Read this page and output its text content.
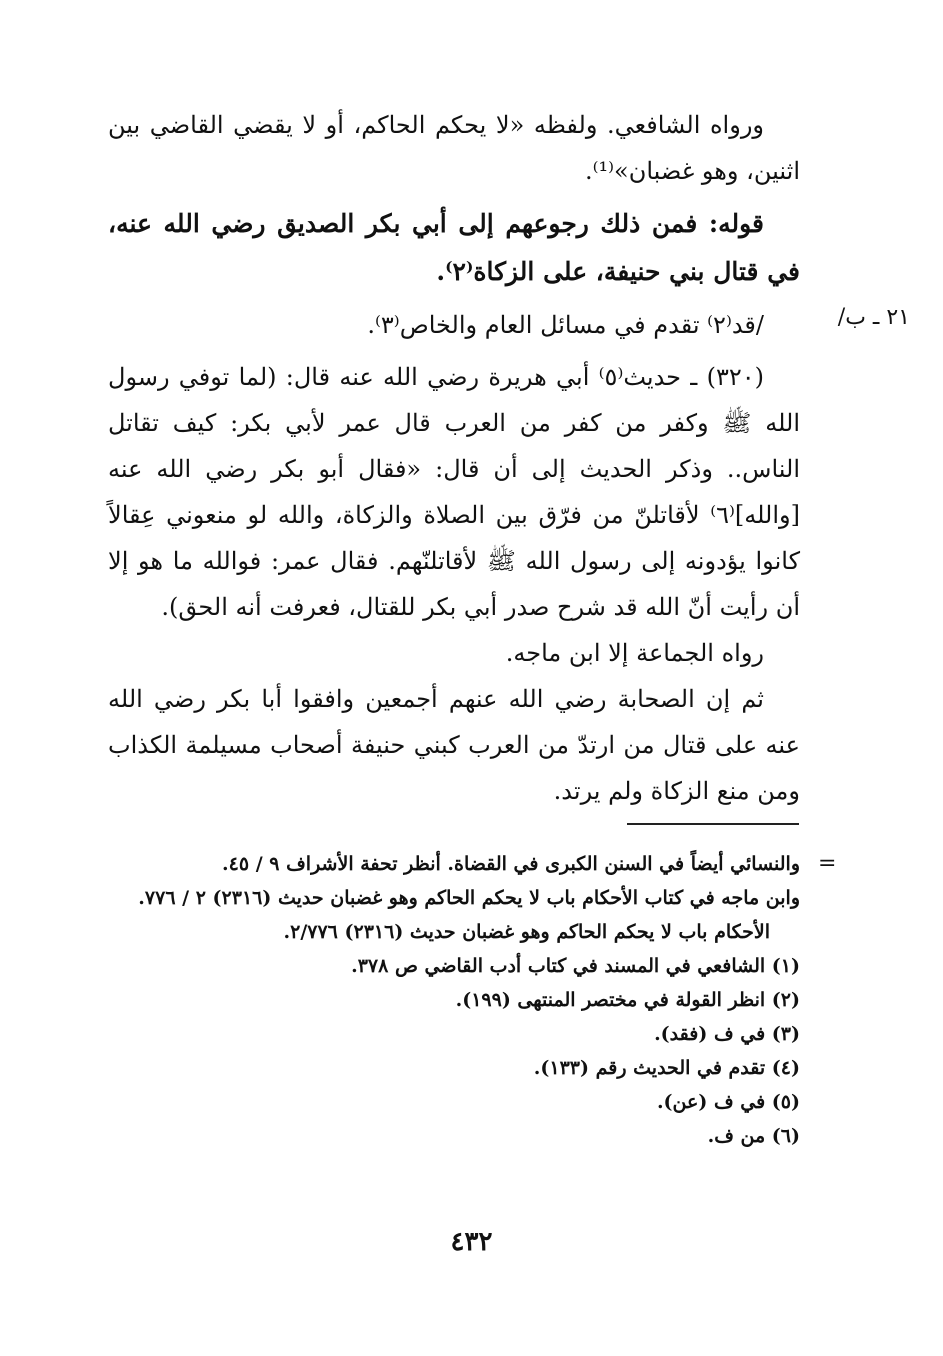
ورواه الشافعي. ولفظه «لا يحكم الحاكم، أو لا يقضي القاضي بين اثنين، وهو غضبان»⁽¹⁾.

قوله: فمن ذلك رجوعهم إلى أبي بكر الصديق رضي الله عنه، في قتال بني حنيفة، على الزكاة⁽٢⁾.

/قد⁽٢⁾ تقدم في مسائل العام والخاص⁽٣⁾.

(٣٢٠) ـ حديث⁽٥⁾ أبي هريرة رضي الله عنه قال: (لما توفي رسول الله ﷺ وكفر من كفر من العرب قال عمر لأبي بكر: كيف تقاتل الناس.. وذكر الحديث إلى أن قال: «فقال أبو بكر رضي الله عنه [والله]⁽٦⁾ لأقاتلنّ من فرّق بين الصلاة والزكاة، والله لو منعوني عِقالاً كانوا يؤدونه إلى رسول الله ﷺ لأقاتلنّهم. فقال عمر: فوالله ما هو إلا أن رأيت أنّ الله قد شرح صدر أبي بكر للقتال، فعرفت أنه الحق).

رواه الجماعة إلا ابن ماجه.

ثم إن الصحابة رضي الله عنهم أجمعين وافقوا أبا بكر رضي الله عنه على قتال من ارتدّ من العرب كبني حنيفة أصحاب مسيلمة الكذاب ومن منع الزكاة ولم يرتد.

٢١ ـ ب/
=

والنسائي أيضاً في السنن الكبرى في القضاة. أنظر تحفة الأشراف ٩ / ٤٥.

وابن ماجه في كتاب الأحكام باب لا يحكم الحاكم وهو غضبان حديث (٢٣١٦) ٢ / ٧٧٦.

الأحكام باب لا يحكم الحاكم وهو غضبان حديث (٢٣١٦) ٢/٧٧٦.

(١) الشافعي في المسند في كتاب أدب القاضي ص ٣٧٨.

(٢) انظر القولة في مختصر المنتهى (١٩٩).

(٣) في ف (فقد).

(٤) تقدم في الحديث رقم (١٣٣).

(٥) في ف (عن).

(٦) من ف.

٤٣٢
